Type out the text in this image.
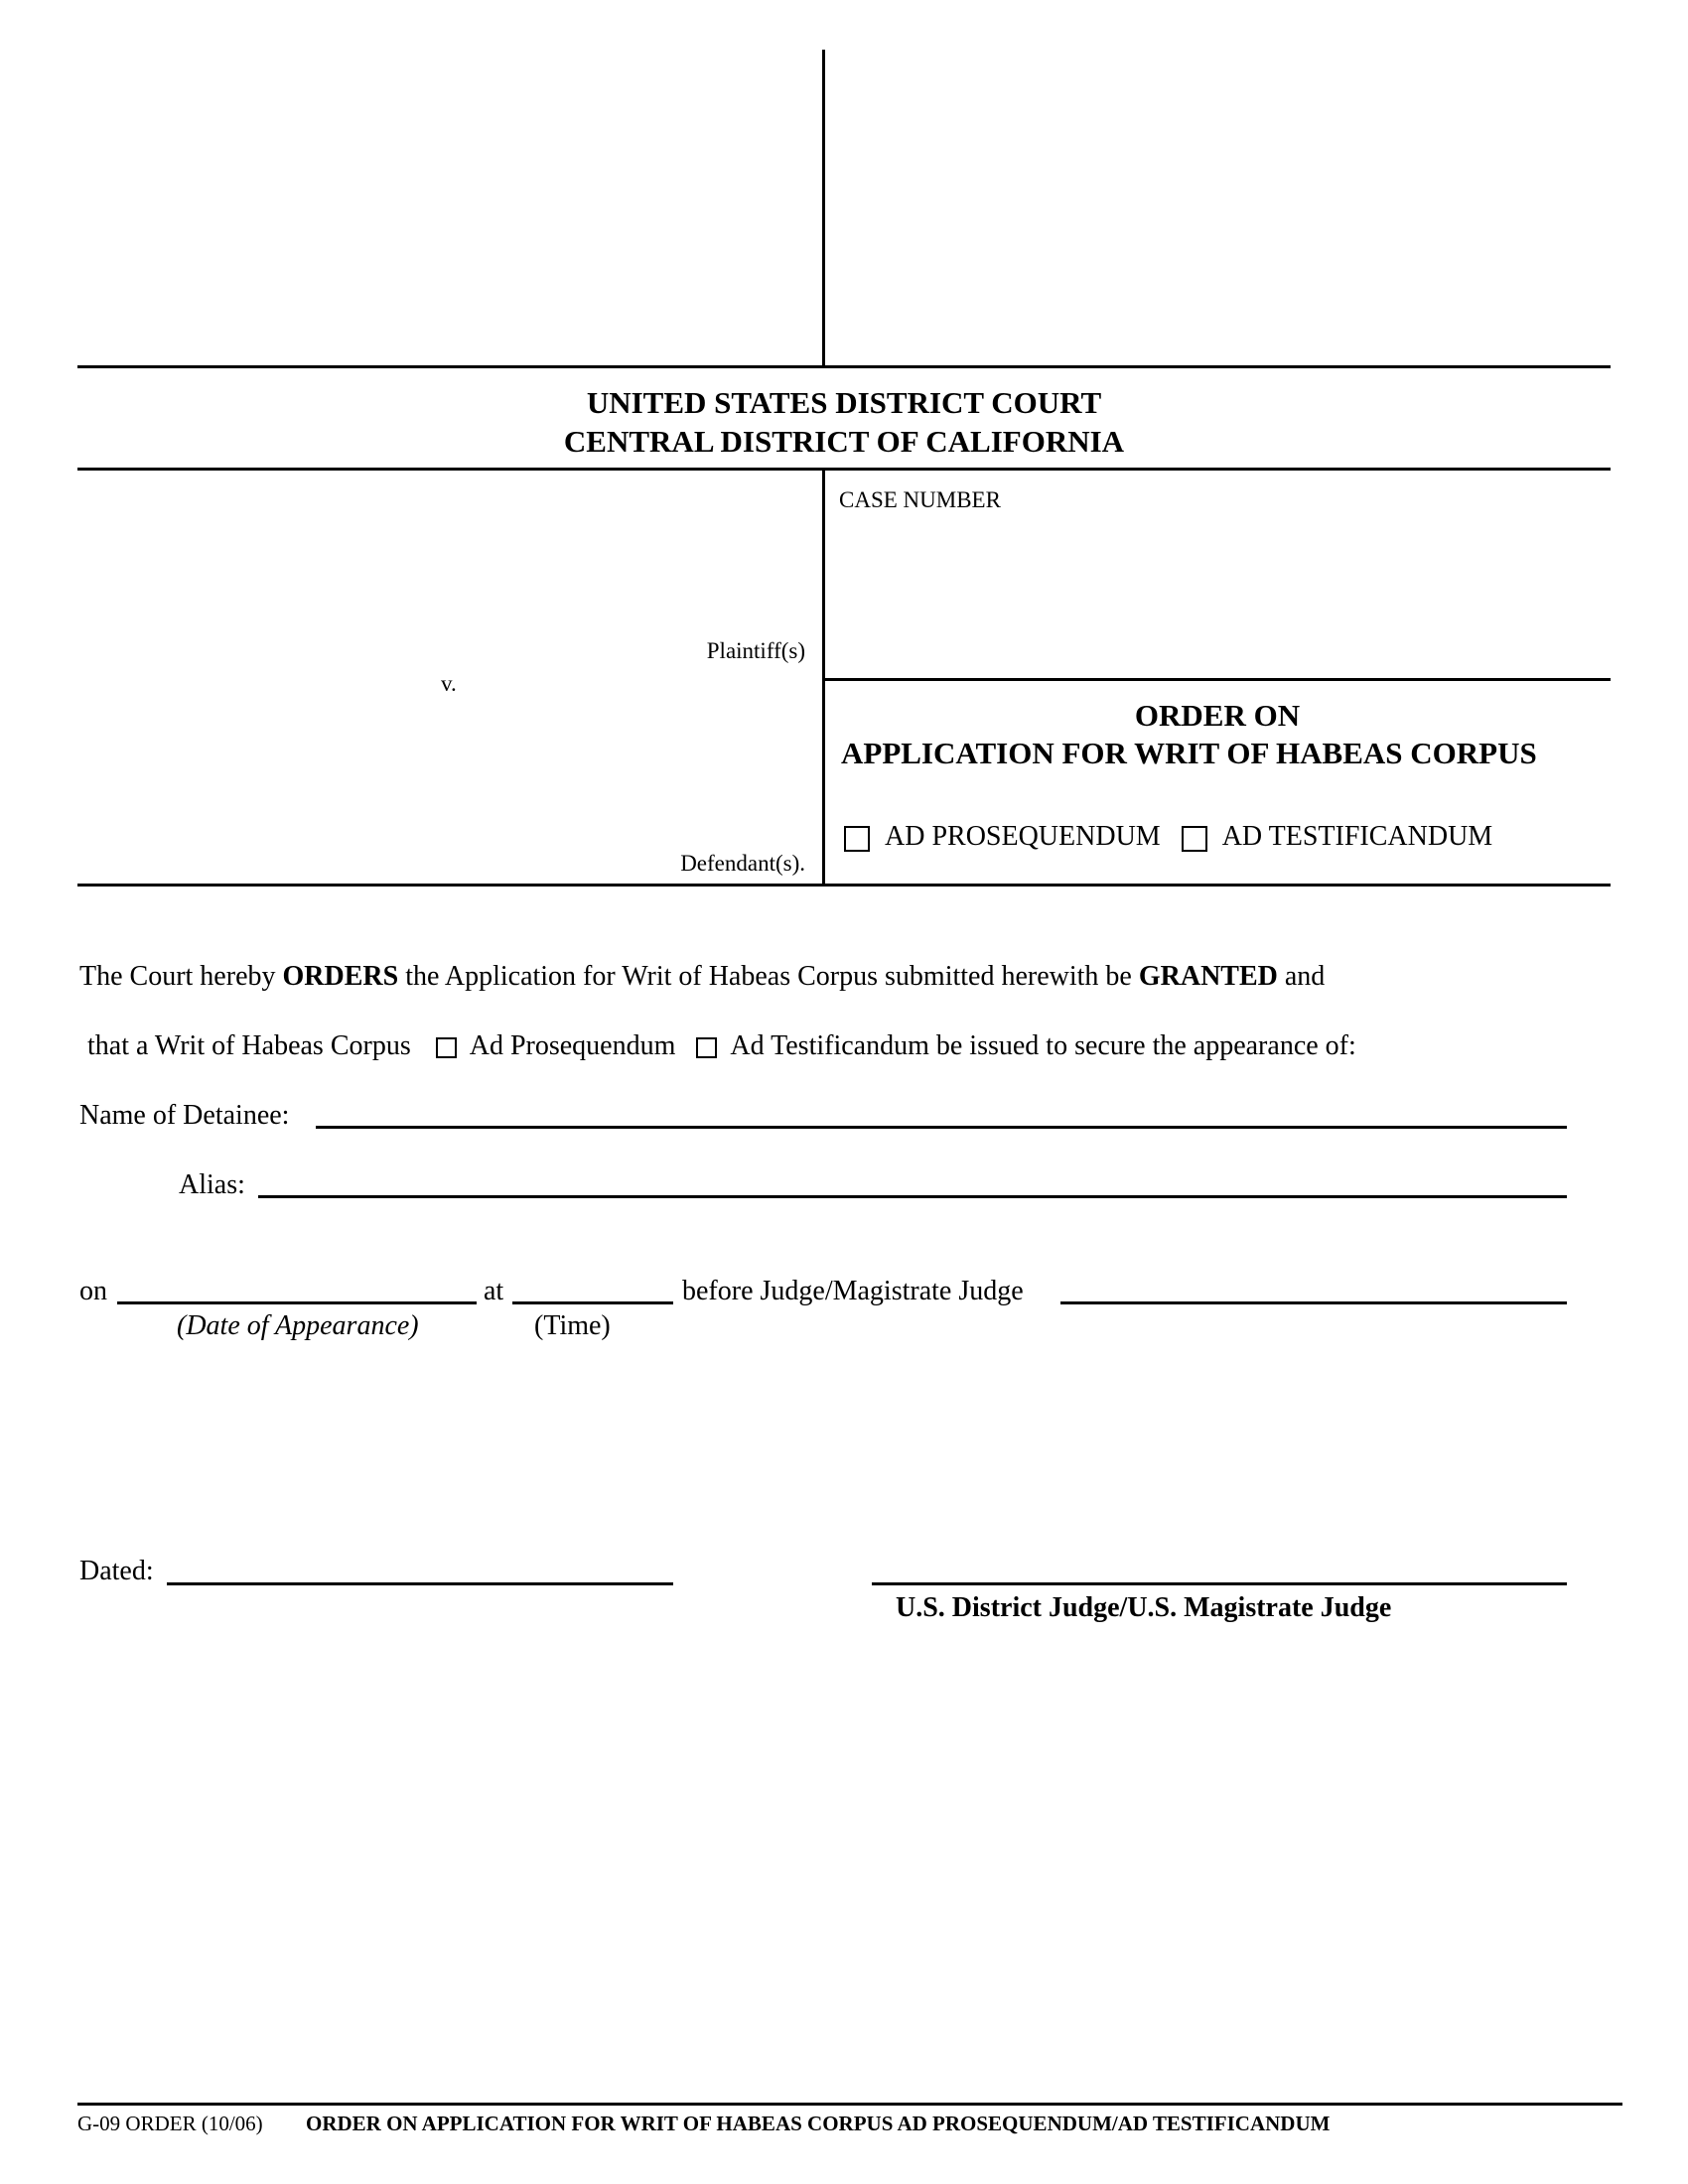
UNITED STATES DISTRICT COURT
CENTRAL DISTRICT OF CALIFORNIA
Plaintiff(s)
v.
Defendant(s).
CASE NUMBER
ORDER ON
APPLICATION FOR WRIT OF HABEAS CORPUS
AD PROSEQUENDUM AD TESTIFICANDUM
The Court hereby ORDERS the Application for Writ of Habeas Corpus submitted herewith be GRANTED and
that a Writ of Habeas Corpus Ad Prosequendum Ad Testificandum be issued to secure the appearance of:
Name of Detainee:
Alias:
on	at	before Judge/Magistrate Judge
(Date of Appearance)	(Time)
Dated:
U.S. District Judge/U.S. Magistrate Judge
G-09 ORDER (10/06) ORDER ON APPLICATION FOR WRIT OF HABEAS CORPUS AD PROSEQUENDUM/AD TESTIFICANDUM
